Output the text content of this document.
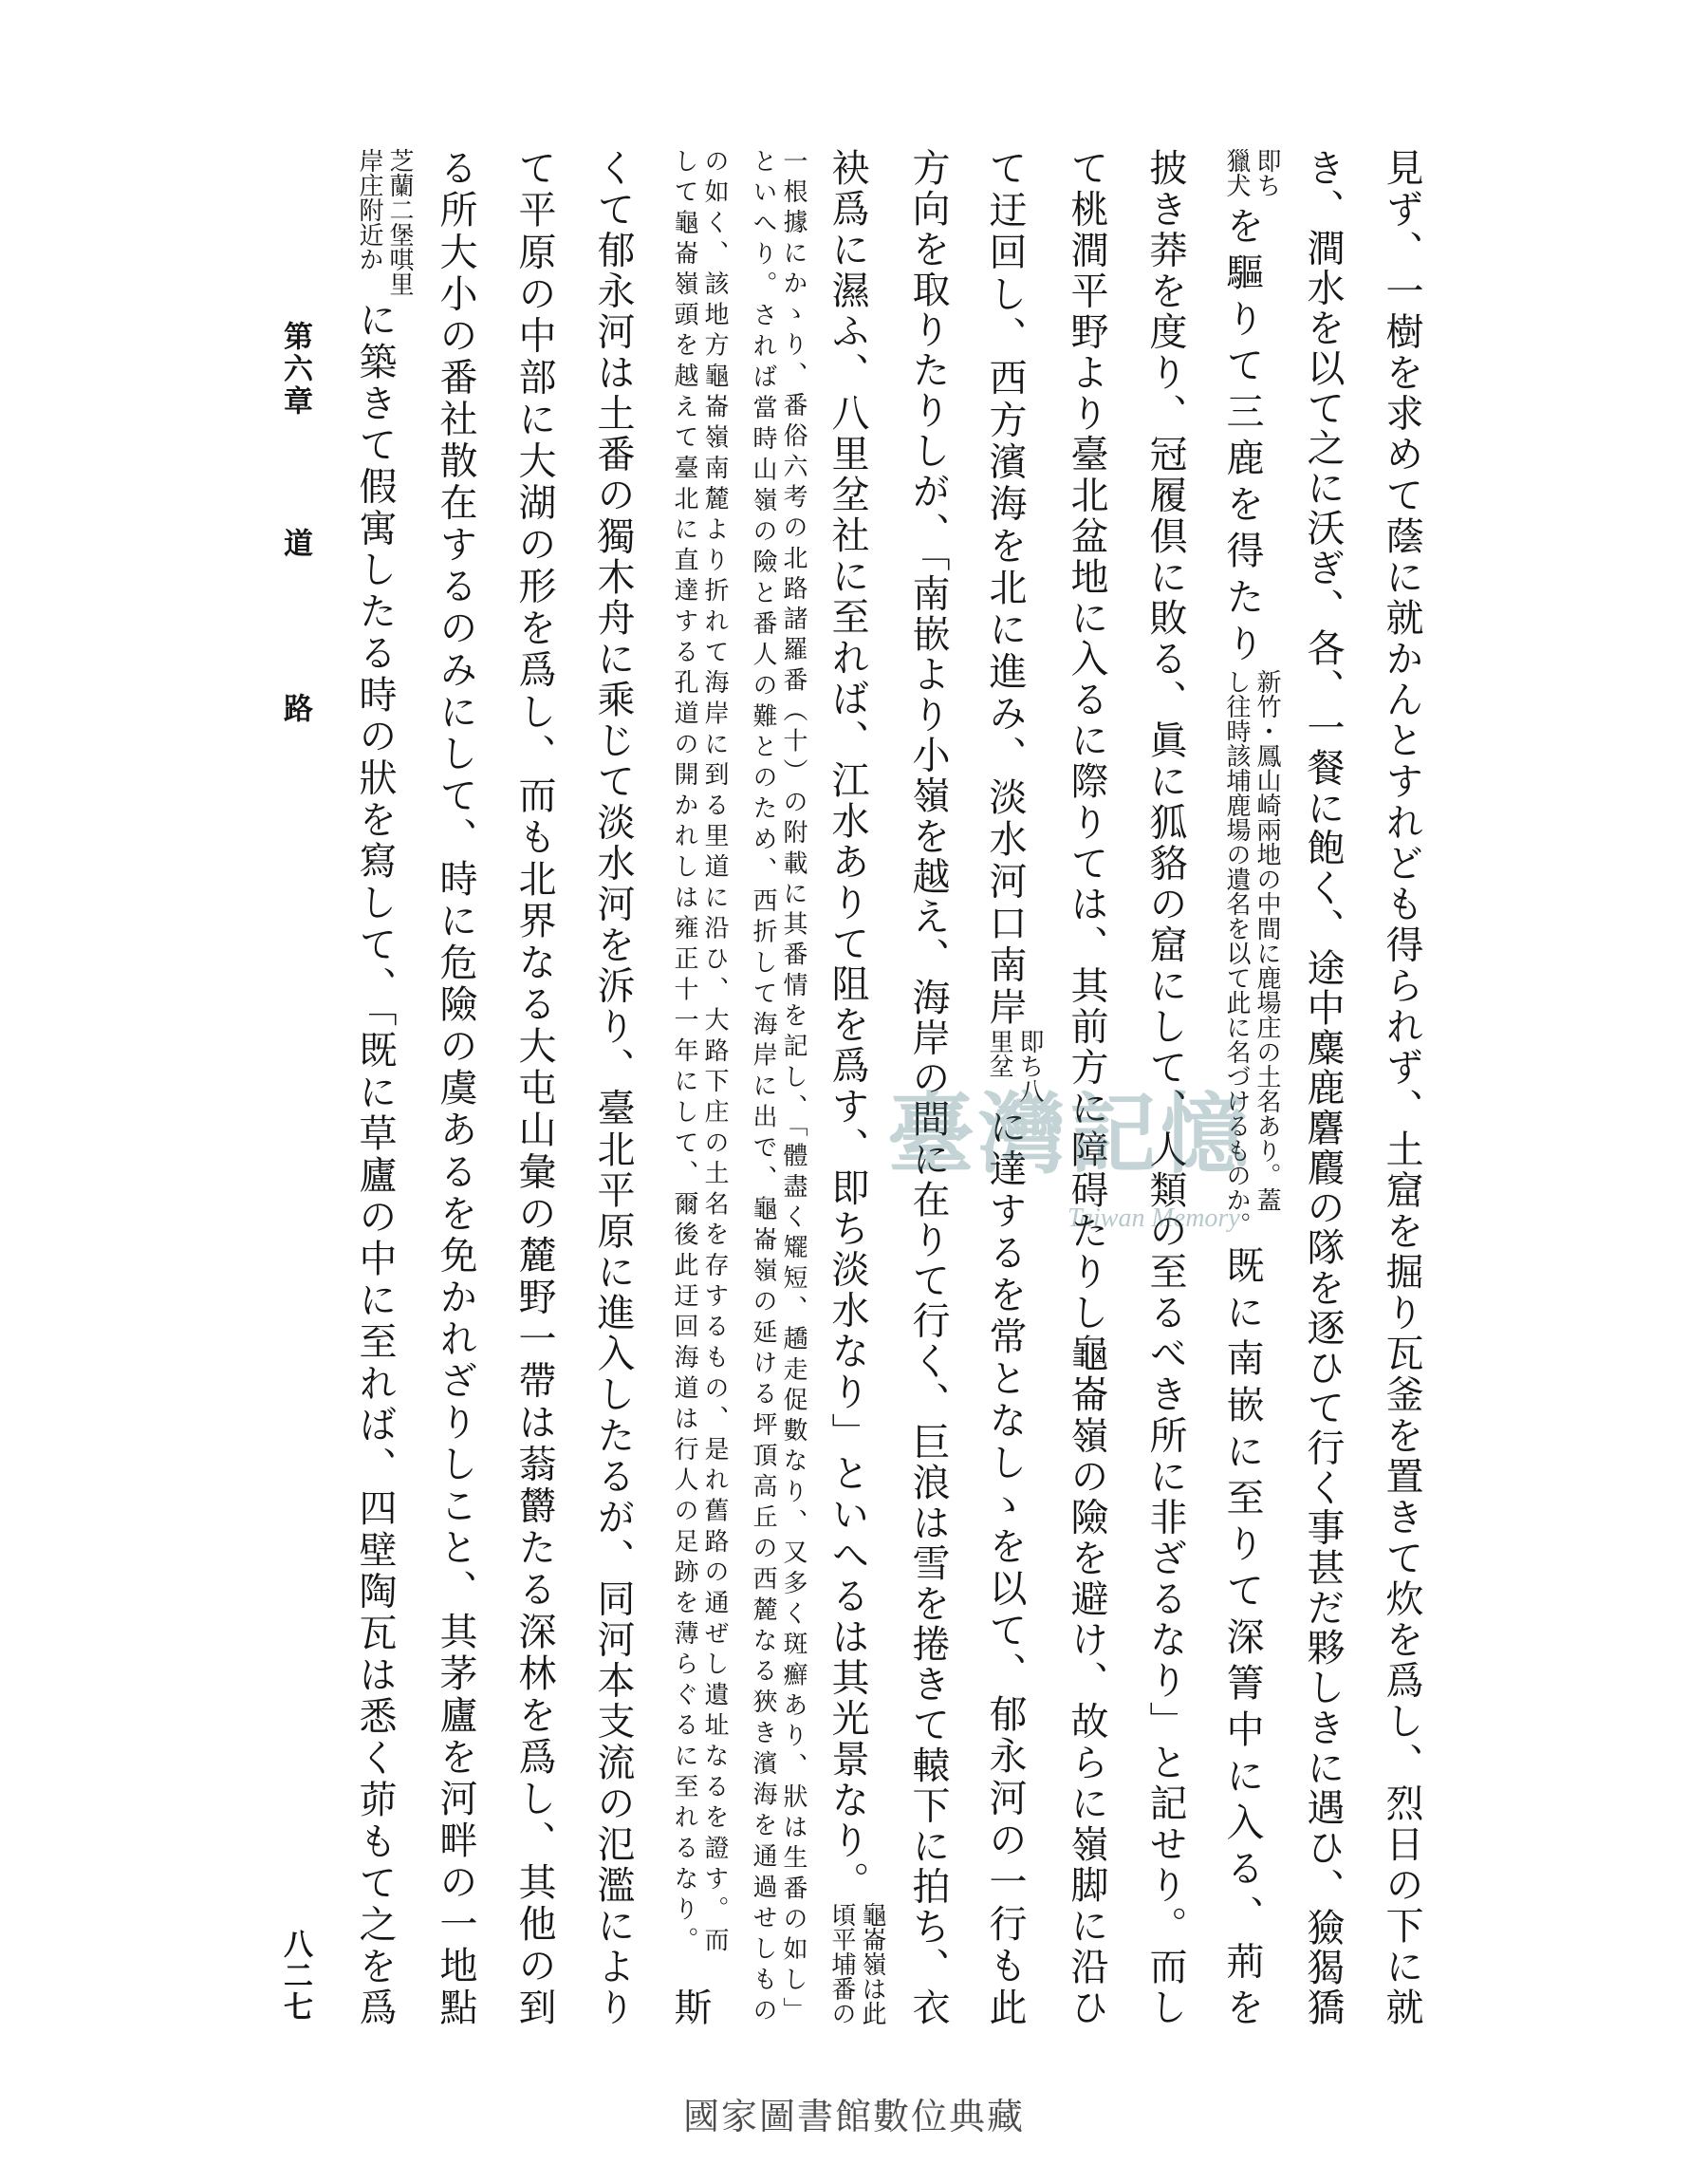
見ず、一樹を求めて蔭に就かんとすれども得られず、土窟を掘り瓦釜を置きて炊を爲し、烈日の下に就
き、澗水を以て之に沃ぎ、各、一餐に飽く、途中麋鹿麏麚の隊を逐ひて行く事甚だ夥しきに遇ひ、獫猲獢
即ち
獵犬
を驅りて三鹿を得たり
新竹・鳳山崎兩地の中間に鹿場庄の土名あり。蓋
し往時該埔鹿場の遺名を以て此に名づけるものか。
既に南嵌に至りて深箐中に入る、荊を
披き莽を度り、冠履倶に敗る、眞に狐貉の窟にして、人類の至るべき所に非ざるなり」と記せり。而し
て桃澗平野より臺北盆地に入るに際りては、其前方に障碍たりし龜崙嶺の險を避け、故らに嶺脚に沿ひ
て迂回し、西方濱海を北に進み、淡水河口南岸
即ち八
里坌
に達するを常となしゝを以て、郁永河の一行も此
方向を取りたりしが、「南嵌より小嶺を越え、海岸の間に在りて行く、巨浪は雪を捲きて轅下に拍ち、衣
袂爲に濕ふ、八里坌社に至れば、江水ありて阻を爲す、即ち淡水なり」といへるは其光景なり。
龜崙嶺は此
頃平埔番の
一根據にかゝり、番俗六考の北路諸羅番（十）の附載に其番情を記し、「體盡く矲短、趫走促數なり、又多く斑癬あり、狀は生番の如し」
といへり。されば當時山嶺の險と番人の難とのため、西折して海岸に出で、龜崙嶺の延ける坪頂高丘の西麓なる狹き濱海を通過せしもの
の如く、該地方龜崙嶺南麓より折れて海岸に到る里道に沿ひ、大路下庄の土名を存するもの、是れ舊路の通ぜし遺址なるを證す。而
して龜崙嶺頭を越えて臺北に直達する孔道の開かれしは雍正十一年にして、爾後此迂回海道は行人の足跡を薄らぐるに至れるなり。
斯
くて郁永河は土番の獨木舟に乘じて淡水河を泝り、臺北平原に進入したるが、同河本支流の氾濫により
て平原の中部に大湖の形を爲し、而も北界なる大屯山彙の麓野一帶は蓊欝たる深林を爲し、其他の到
る所大小の番社散在するのみにして、時に危險の虞あるを免かれざりしこと、其茅廬を河畔の一地點
芝蘭二堡唭里
岸庄附近か
に築きて假寓したる時の狀を寫して、「既に草廬の中に至れば、四壁陶瓦は悉く茆もて之を爲
第六章
道
路
八二七
臺灣記憶
Taiwan Memory
國家圖書館數位典藏
